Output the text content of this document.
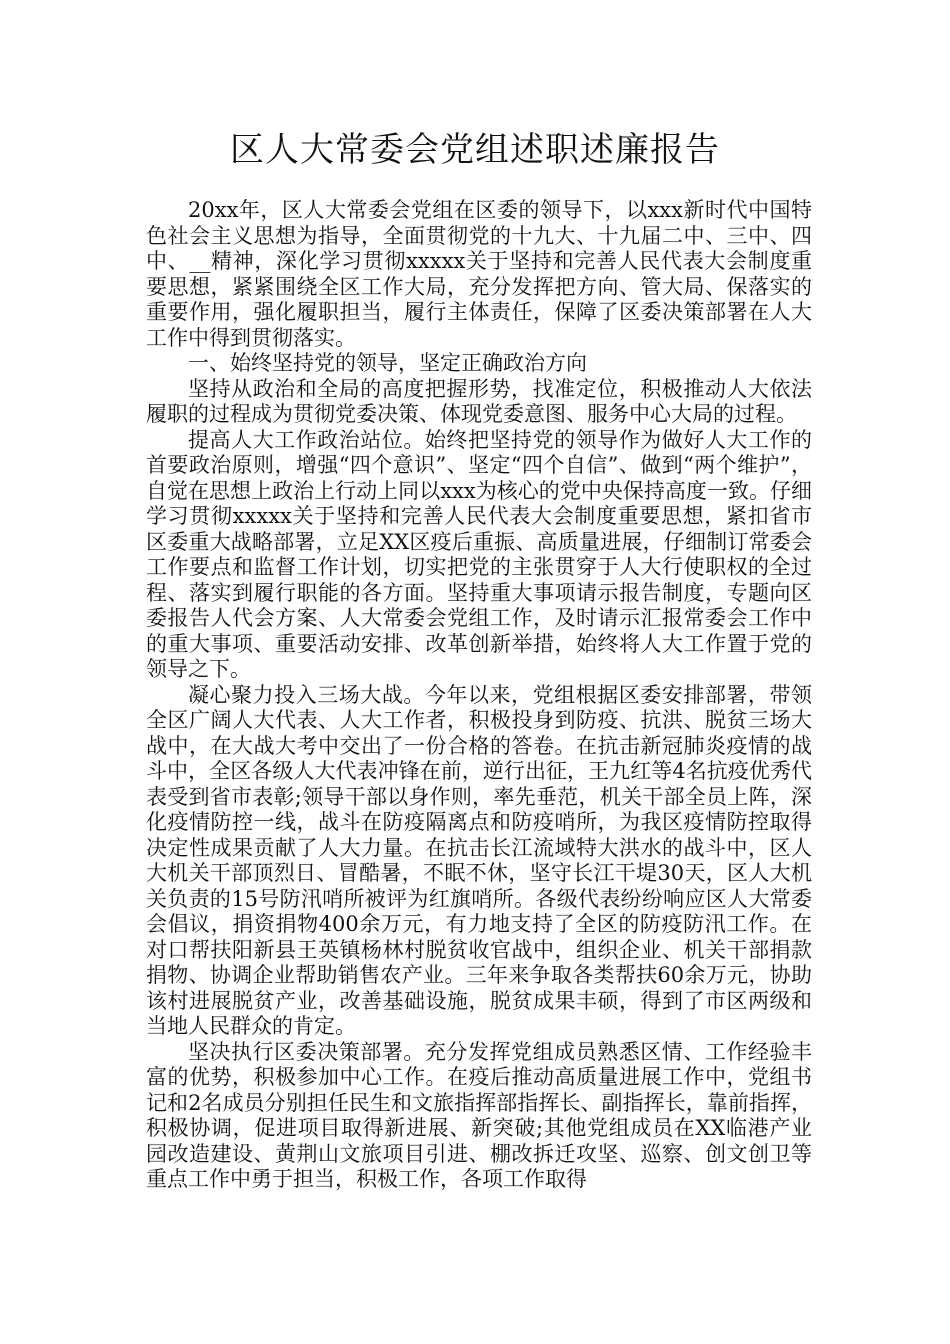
区人大常委会党组述职述廉报告

20xx年，区人大常委会党组在区委的领导下，以xxx新时代中国特色社会主义思想为指导，全面贯彻党的十九大、十九届二中、三中、四中、__精神，深化学习贯彻xxxxx关于坚持和完善人民代表大会制度重要思想，紧紧围绕全区工作大局，充分发挥把方向、管大局、保落实的重要作用，强化履职担当，履行主体责任，保障了区委决策部署在人大工作中得到贯彻落实。

一、始终坚持党的领导，坚定正确政治方向

坚持从政治和全局的高度把握形势，找准定位，积极推动人大依法履职的过程成为贯彻党委决策、体现党委意图、服务中心大局的过程。

提高人大工作政治站位。始终把坚持党的领导作为做好人大工作的首要政治原则，增强“四个意识”、坚定“四个自信”、做到“两个维护”，自觉在思想上政治上行动上同以xxx为核心的党中央保持高度一致。仔细学习贯彻xxxxx关于坚持和完善人民代表大会制度重要思想，紧扣省市区委重大战略部署，立足XX区疫后重振、高质量进展，仔细制订常委会工作要点和监督工作计划，切实把党的主张贯穿于人大行使职权的全过程、落实到履行职能的各方面。坚持重大事项请示报告制度，专题向区委报告人代会方案、人大常委会党组工作，及时请示汇报常委会工作中的重大事项、重要活动安排、改革创新举措，始终将人大工作置于党的领导之下。

凝心聚力投入三场大战。今年以来，党组根据区委安排部署，带领全区广阔人大代表、人大工作者，积极投身到防疫、抗洪、脱贫三场大战中，在大战大考中交出了一份合格的答卷。在抗击新冠肺炎疫情的战斗中，全区各级人大代表冲锋在前，逆行出征，王九红等4名抗疫优秀代表受到省市表彰;领导干部以身作则，率先垂范，机关干部全员上阵，深化疫情防控一线，战斗在防疫隔离点和防疫哨所，为我区疫情防控取得决定性成果贡献了人大力量。在抗击长江流域特大洪水的战斗中，区人大机关干部顶烈日、冒酷暑，不眠不休，坚守长江干堤30天，区人大机关负责的15号防汛哨所被评为红旗哨所。各级代表纷纷响应区人大常委会倡议，捐资捐物400余万元，有力地支持了全区的防疫防汛工作。在对口帮扶阳新县王英镇杨林村脱贫收官战中，组织企业、机关干部捐款捐物、协调企业帮助销售农产业。三年来争取各类帮扶60余万元，协助该村进展脱贫产业，改善基础设施，脱贫成果丰硕，得到了市区两级和当地人民群众的肯定。

坚决执行区委决策部署。充分发挥党组成员熟悉区情、工作经验丰富的优势，积极参加中心工作。在疫后推动高质量进展工作中，党组书记和2名成员分别担任民生和文旅指挥部指挥长、副指挥长，靠前指挥，积极协调，促进项目取得新进展、新突破;其他党组成员在XX临港产业园改造建设、黄荆山文旅项目引进、棚改拆迁攻坚、巡察、创文创卫等重点工作中勇于担当，积极工作，各项工作取得
